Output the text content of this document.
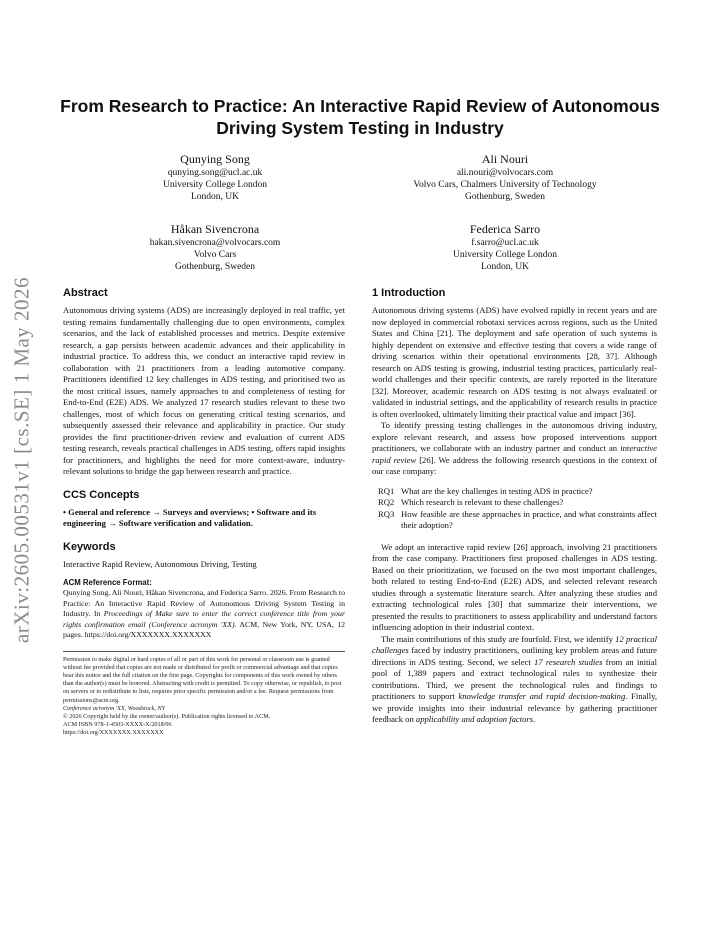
arXiv:2605.00531v1 [cs.SE] 1 May 2026
From Research to Practice: An Interactive Rapid Review of Autonomous Driving System Testing in Industry
Qunying Song
qunying.song@ucl.ac.uk
University College London
London, UK
Ali Nouri
ali.nouri@volvocars.com
Volvo Cars, Chalmers University of Technology
Gothenburg, Sweden
Håkan Sivencrona
hakan.sivencrona@volvocars.com
Volvo Cars
Gothenburg, Sweden
Federica Sarro
f.sarro@ucl.ac.uk
University College London
London, UK
Abstract

Autonomous driving systems (ADS) are increasingly deployed in real traffic, yet testing remains fundamentally challenging due to open environments, complex scenarios, and the lack of established processes and metrics. Despite extensive research, a gap persists between academic advances and their applicability in industrial practice. To address this, we conduct an interactive rapid review in collaboration with 21 practitioners from a leading automotive company. Practitioners identified 12 key challenges in ADS testing, and prioritised two as the most critical issues, namely approaches to and completeness of testing for End-to-End (E2E) ADS. We analyzed 17 research studies relevant to these two challenges, most of which focus on generating critical testing scenarios, and subsequently assessed their relevance and applicability in practice. Our study provides the first practitioner-driven review and evaluation of current ADS testing research, reveals practical challenges in ADS testing, offers rapid insights for practitioners, and highlights the need for more context-aware, industry-relevant solutions to bridge the gap between research and practice.

CCS Concepts

• General and reference → Surveys and overviews; • Software and its engineering → Software verification and validation.

Keywords

Interactive Rapid Review, Autonomous Driving, Testing

ACM Reference Format:

Qunying Song, Ali Nouri, Håkan Sivencrona, and Federica Sarro. 2026. From Research to Practice: An Interactive Rapid Review of Autonomous Driving System Testing in Industry. In Proceedings of Make sure to enter the correct conference title from your rights confirmation email (Conference acronym 'XX). ACM, New York, NY, USA, 12 pages. https://doi.org/XXXXXXX.XXXXXXX

Permission to make digital or hard copies of all or part of this work for personal or classroom use is granted without fee provided that copies are not made or distributed for profit or commercial advantage and that copies bear this notice and the full citation on the first page. Copyrights for components of this work owned by others than the author(s) must be honored. Abstracting with credit is permitted. To copy otherwise, or republish, to post on servers or to redistribute to lists, requires prior specific permission and/or a fee. Request permissions from permissions@acm.org.
Conference acronym 'XX, Woodstock, NY
© 2026 Copyright held by the owner/author(s). Publication rights licensed to ACM.
ACM ISBN 978-1-4503-XXXX-X/2018/06
https://doi.org/XXXXXXX.XXXXXXX
1 Introduction

Autonomous driving systems (ADS) have evolved rapidly in recent years and are now deployed in commercial robotaxi services across regions, such as the United States and China [21]. The deployment and safe operation of such systems is highly dependent on extensive and effective testing that covers a wide range of driving scenarios within their operational environments [28, 37]. Although research on ADS testing is growing, industrial testing practices, particularly real-world challenges and their specific contexts, are rarely reported in the literature [32]. Moreover, academic research on ADS testing is not always evaluated or validated in industrial settings, and the applicability of research results in practice is often overlooked, ultimately limiting their practical value and impact [36].

To identify pressing testing challenges in the autonomous driving industry, explore relevant research, and assess how proposed interventions support practitioners, we collaborate with an industry partner and conduct an interactive rapid review [26]. We address the following research questions in the context of our case company:

RQ1 What are the key challenges in testing ADS in practice?
RQ2 Which research is relevant to these challenges?
RQ3 How feasible are these approaches in practice, and what constraints affect their adoption?

We adopt an interactive rapid review [26] approach, involving 21 practitioners from the case company. Practitioners first proposed challenges in ADS testing. Based on their prioritization, we focused on the two most important challenges, both related to testing End-to-End (E2E) ADS, and selected relevant research studies through a systematic literature search. After analyzing these studies and extracting technological rules [30] that summarize their interventions, we presented the results to practitioners to assess applicability and understand factors influencing adoption in their industrial context.

The main contributions of this study are fourfold. First, we identify 12 practical challenges faced by industry practitioners, outlining key problem areas and future directions in ADS testing. Second, we select 17 research studies from an initial pool of 1,389 papers and extract technological rules to synthesize their contributions. Third, we present the technological rules and findings to practitioners to support knowledge transfer and rapid decision-making. Finally, we provide insights into their industrial relevance by gathering practitioner feedback on applicability and adoption factors.
